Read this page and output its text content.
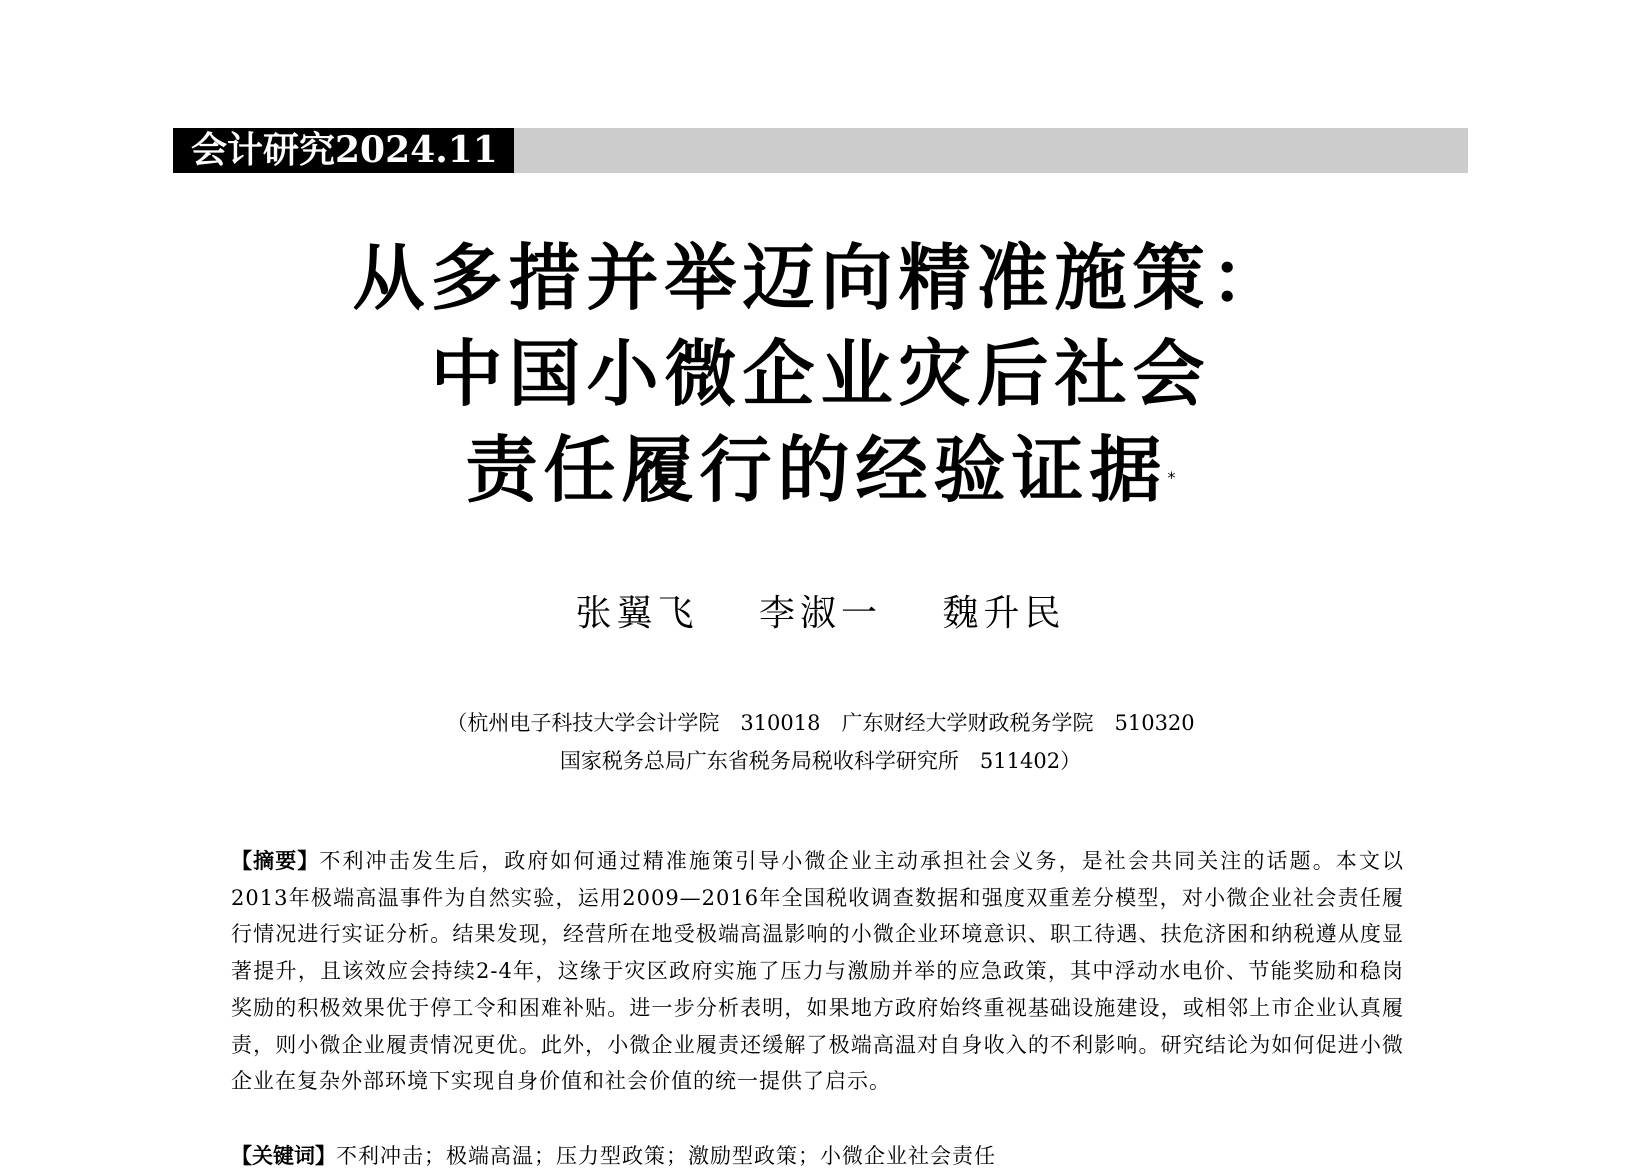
会计研究2024.11
从多措并举迈向精准施策：
中国小微企业灾后社会
责任履行的经验证据*
张翼飞 李淑一 魏升民
（杭州电子科技大学会计学院　310018　广东财经大学财政税务学院　510320
国家税务总局广东省税务局税收科学研究所　511402）
【摘要】不利冲击发生后，政府如何通过精准施策引导小微企业主动承担社会义务，是社会共同关注的话题。本文以2013年极端高温事件为自然实验，运用2009—2016年全国税收调查数据和强度双重差分模型，对小微企业社会责任履行情况进行实证分析。结果发现，经营所在地受极端高温影响的小微企业环境意识、职工待遇、扶危济困和纳税遵从度显著提升，且该效应会持续2-4年，这缘于灾区政府实施了压力与激励并举的应急政策，其中浮动水电价、节能奖励和稳岗奖励的积极效果优于停工令和困难补贴。进一步分析表明，如果地方政府始终重视基础设施建设，或相邻上市企业认真履责，则小微企业履责情况更优。此外，小微企业履责还缓解了极端高温对自身收入的不利影响。研究结论为如何促进小微企业在复杂外部环境下实现自身价值和社会价值的统一提供了启示。
【关键词】不利冲击；极端高温；压力型政策；激励型政策；小微企业社会责任
